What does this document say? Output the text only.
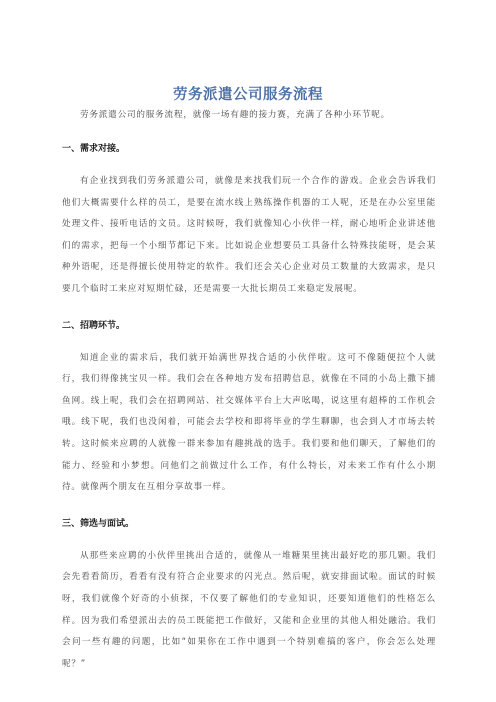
劳务派遣公司服务流程

劳务派遣公司的服务流程，就像一场有趣的接力赛，充满了各种小环节呢。

一、需求对接。

有企业找到我们劳务派遣公司，就像是来找我们玩一个合作的游戏。企业会告诉我们他们大概需要什么样的员工，是要在流水线上熟练操作机器的工人呢，还是在办公室里能处理文件、接听电话的文员。这时候呀，我们就像知心小伙伴一样，耐心地听企业讲述他们的需求，把每一个小细节都记下来。比如说企业想要员工具备什么特殊技能呀，是会某种外语呢，还是得擅长使用特定的软件。我们还会关心企业对员工数量的大致需求，是只要几个临时工来应对短期忙碌，还是需要一大批长期员工来稳定发展呢。

二、招聘环节。

知道企业的需求后，我们就开始满世界找合适的小伙伴啦。这可不像随便拉个人就行，我们得像挑宝贝一样。我们会在各种地方发布招聘信息，就像在不同的小岛上撒下捕鱼网。线上呢，我们会在招聘网站、社交媒体平台上大声吆喝，说这里有超棒的工作机会哦。线下呢，我们也没闲着，可能会去学校和即将毕业的学生聊聊，也会到人才市场去转转。这时候来应聘的人就像一群来参加有趣挑战的选手。我们要和他们聊天，了解他们的能力、经验和小梦想。问他们之前做过什么工作，有什么特长，对未来工作有什么小期待。就像两个朋友在互相分享故事一样。

三、筛选与面试。

从那些来应聘的小伙伴里挑出合适的，就像从一堆糖果里挑出最好吃的那几颗。我们会先看看简历，看看有没有符合企业要求的闪光点。然后呢，就安排面试啦。面试的时候呀，我们就像个好奇的小侦探，不仅要了解他们的专业知识，还要知道他们的性格怎么样。因为我们希望派出去的员工既能把工作做好，又能和企业里的其他人相处融洽。我们会问一些有趣的问题，比如“如果你在工作中遇到一个特别难搞的客户，你会怎么处理呢？”
